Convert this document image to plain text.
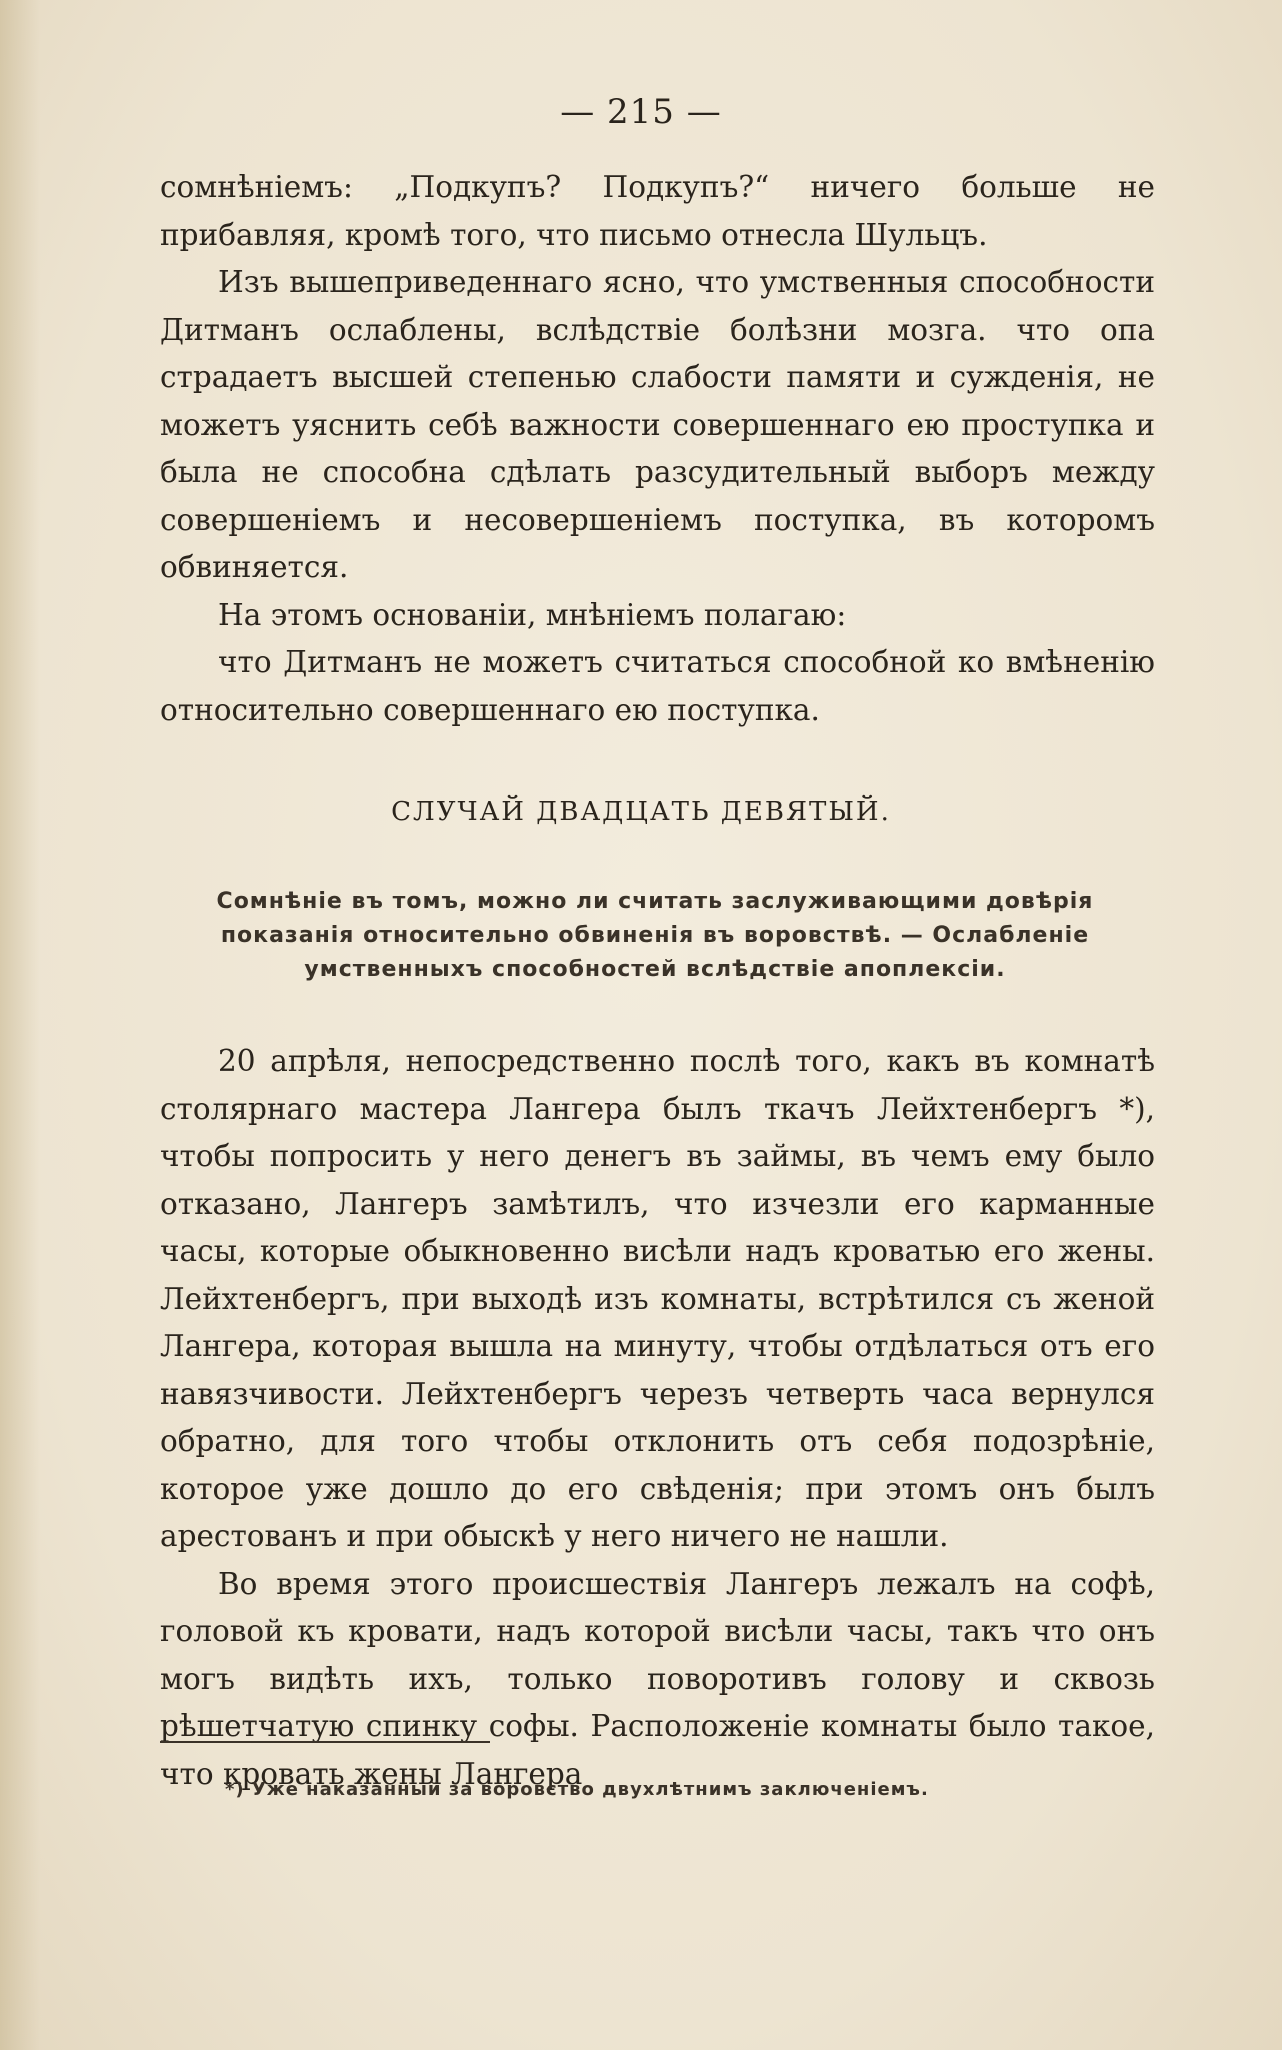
— 215 —

сомнѣніемъ: „Подкупъ? Подкупъ?“ ничего больше не прибавляя, кромѣ того, что письмо отнесла Шульцъ.

Изъ вышеприведеннаго ясно, что умственныя способности Дитманъ ослаблены, вслѣдствіе болѣзни мозга. что опа страдаетъ высшей степенью слабости памяти и сужденія, не можетъ уяснить себѣ важности совершеннаго ею проступка и была не способна сдѣлать разсудительный выборъ между совершеніемъ и несовершеніемъ поступка, въ которомъ обвиняется.

На этомъ основаніи, мнѣніемъ полагаю:

что Дитманъ не можетъ считаться способной ко вмѣненію относительно совершеннаго ею поступка.

СЛУЧАЙ ДВАДЦАТЬ ДЕВЯТЫЙ.
Сомнѣніе въ томъ, можно ли считать заслуживающими довѣрія показанія относительно обвиненія въ воровствѣ. — Ослабленіе умственныхъ способностей вслѣдствіе апоплексіи.

20 апрѣля, непосредственно послѣ того, какъ въ комнатѣ столярнаго мастера Лангера былъ ткачъ Лейхтенбергъ *), чтобы попросить у него денегъ въ займы, въ чемъ ему было отказано, Лангеръ замѣтилъ, что изчезли его карманные часы, которые обыкновенно висѣли надъ кроватью его жены. Лейхтенбергъ, при выходѣ изъ комнаты, встрѣтился съ женой Лангера, которая вышла на минуту, чтобы отдѣлаться отъ его навязчивости. Лейхтенбергъ черезъ четверть часа вернулся обратно, для того чтобы отклонить отъ себя подозрѣніе, которое уже дошло до его свѣденія; при этомъ онъ былъ арестованъ и при обыскѣ у него ничего не нашли.

Во время этого происшествія Лангеръ лежалъ на софѣ, головой къ кровати, надъ которой висѣли часы, такъ что онъ могъ видѣть ихъ, только поворотивъ голову и сквозь рѣшетчатую спинку софы. Расположеніе комнаты было такое, что кровать жены Лангера

*) Уже наказанный за воровство двухлѣтнимъ заключеніемъ.
